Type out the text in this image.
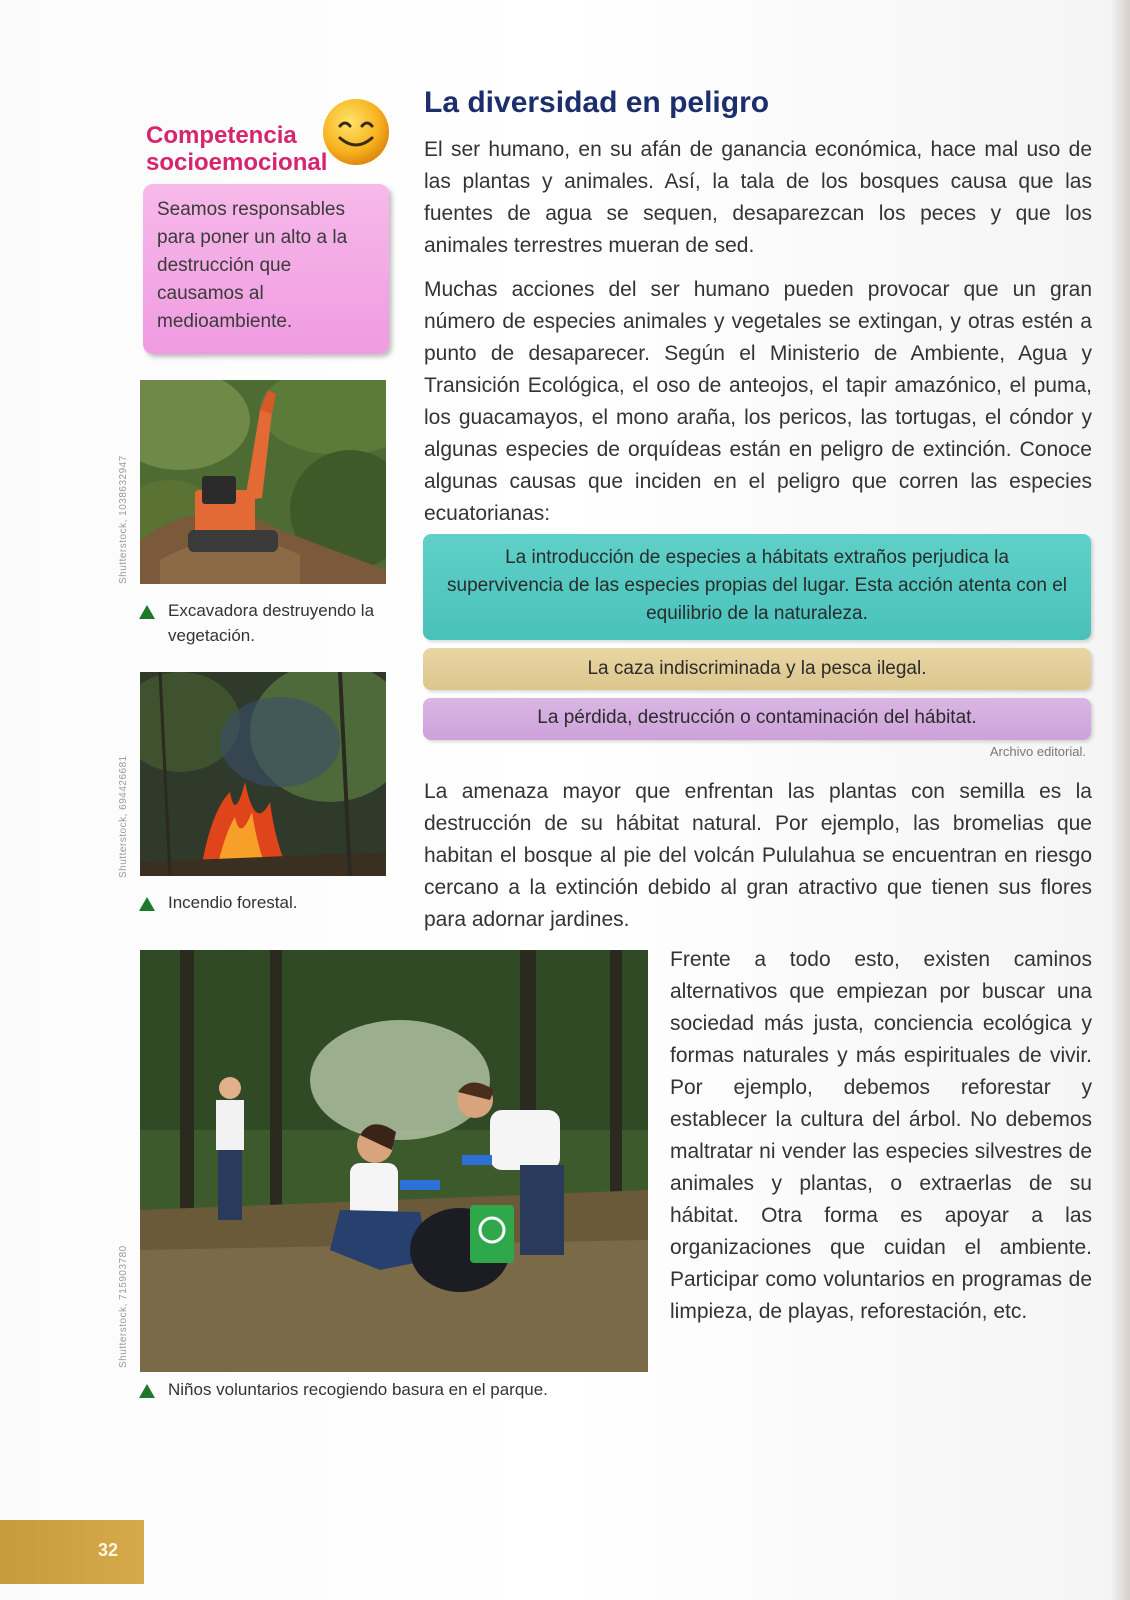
Competencia
socioemocional
Seamos responsables para poner un alto a la destrucción que causamos al medioambiente.
Shutterstock, 1038632947
Excavadora destruyendo la vegetación.
Shutterstock, 694426681
Incendio forestal.
Shutterstock, 715903780
Niños voluntarios recogiendo basura en el parque.
La diversidad en peligro
El ser humano, en su afán de ganancia económica, hace mal uso de las plantas y animales. Así, la tala de los bosques causa que las fuentes de agua se sequen, desaparezcan los peces y que los animales terrestres mueran de sed.
Muchas acciones del ser humano pueden provocar que un gran número de especies animales y vegetales se extingan, y otras estén a punto de desaparecer. Según el Ministerio de Ambiente, Agua y Transición Ecológica, el oso de anteojos, el tapir amazónico, el puma, los guacamayos, el mono araña, los pericos, las tortugas, el cóndor y algunas especies de orquídeas están en peligro de extinción. Conoce algunas causas que inciden en el peligro que corren las especies ecuatorianas:
La introducción de especies a hábitats extraños perjudica la supervivencia de las especies propias del lugar. Esta acción atenta con el equilibrio de la naturaleza.
La caza indiscriminada y la pesca ilegal.
La pérdida, destrucción o contaminación del hábitat.
Archivo editorial.
La amenaza mayor que enfrentan las plantas con semilla es la destrucción de su hábitat natural. Por ejemplo, las bromelias que habitan el bosque al pie del volcán Pululahua se encuentran en riesgo cercano a la extinción debido al gran atractivo que tienen sus flores para adornar jardines.
Frente a todo esto, existen caminos alternativos que empiezan por buscar una sociedad más justa, conciencia ecológica y formas naturales y más espirituales de vivir. Por ejemplo, debemos reforestar y establecer la cultura del árbol. No debemos maltratar ni vender las especies silvestres de animales y plantas, o extraerlas de su hábitat. Otra forma es apoyar a las organizaciones que cuidan el ambiente. Participar como voluntarios en programas de limpieza, de playas, reforestación, etc.
32
